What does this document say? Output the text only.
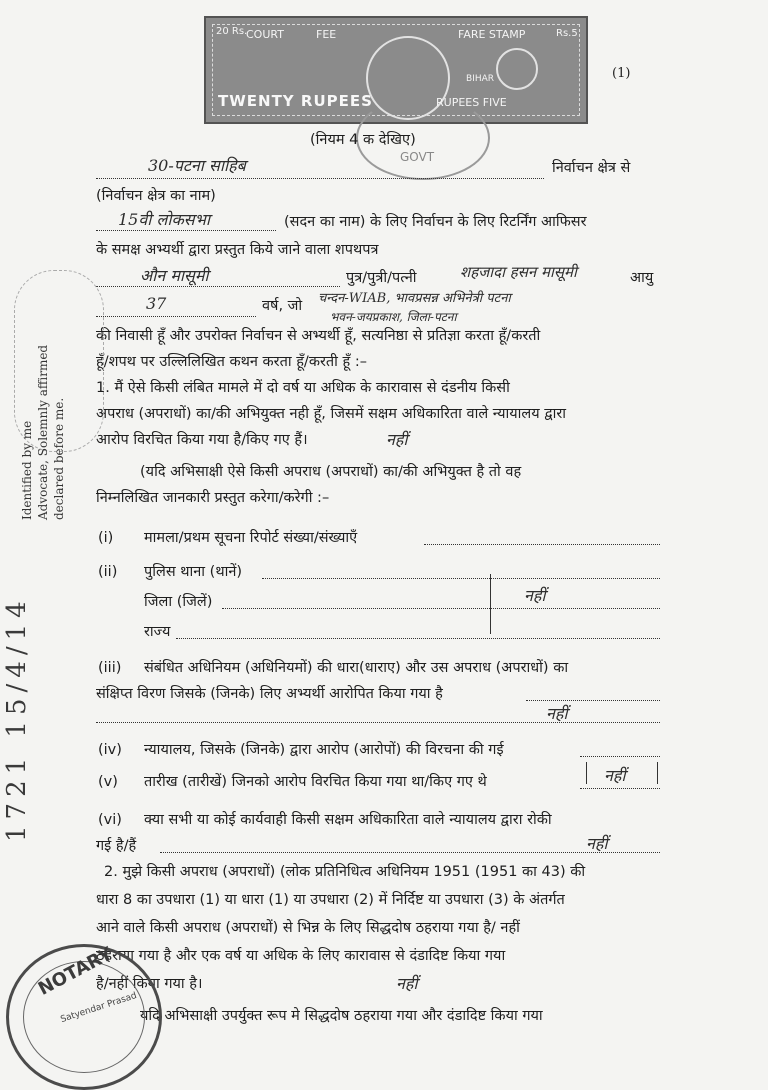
20 Rs.
COURT	FEE	FARE STAMP	Rs.5
BIHAR
TWENTY RUPEES	RUPEES FIVE
GOVT
(1)
(नियम 4 क देखिए)
30-पटना साहिब	निर्वाचन क्षेत्र से
(निर्वाचन क्षेत्र का नाम)
15वी लोकसभा	(सदन का नाम) के लिए निर्वाचन के लिए रिटर्निंग आफिसर
के समक्ष अभ्यर्थी द्वारा प्रस्तुत किये जाने वाला शपथपत्र
औन मासूमी	पुत्र/पुत्री/पत्नी	शहजादा हसन मासूमी	आयु
37	वर्ष, जो चन्दन-WIAB, भावप्रसन्न अभिनेत्री पटना
भवन-जयप्रकाश, जिला-पटना
की निवासी हूँ और उपरोक्त निर्वाचन से अभ्यर्थी हूँ, सत्यनिष्ठा से प्रतिज्ञा करता हूँ/करती
हूँ/शपथ पर उल्लिलिखित कथन करता हूँ/करती हूँ :–
1. मैं ऐसे किसी लंबित मामले में दो वर्ष या अधिक के कारावास से दंडनीय किसी
अपराध (अपराधों) का/की अभियुक्त नही हूँ, जिसमें सक्षम अधिकारिता वाले न्यायालय द्वारा
आरोप विरचित किया गया है/किए गए हैं।	नहीं
(यदि अभिसाक्षी ऐसे किसी अपराध (अपराधों) का/की अभियुक्त है तो वह
निम्नलिखित जानकारी प्रस्तुत करेगा/करेगी :–
(i) मामला/प्रथम सूचना रिपोर्ट संख्या/संख्याएँ
(ii) पुलिस थाना (थानें)
जिला (जिलें)
राज्य
नहीं
(iii) संबंधित अधिनियम (अधिनियमों) की धारा(धाराए) और उस अपराध (अपराधों) का
संक्षिप्त विरण जिसके (जिनके) लिए अभ्यर्थी आरोपित किया गया है
नहीं
(iv) न्यायालय, जिसके (जिनके) द्वारा आरोप (आरोपों) की विरचना की गई
(v) तारीख (तारीखें) जिनको आरोप विरचित किया गया था/किए गए थे	नहीं
(vi) क्या सभी या कोई कार्यवाही किसी सक्षम अधिकारिता वाले न्यायालय द्वारा रोकी
गई है/हैं	नहीं
2. मुझे किसी अपराध (अपराधों) (लोक प्रतिनिधित्व अधिनियम 1951 (1951 का 43) की
धारा 8 का उपधारा (1) या धारा (1) या उपधारा (2) में निर्दिष्ट या उपधारा (3) के अंतर्गत
आने वाले किसी अपराध (अपराधों) से भिन्न के लिए सिद्धदोष ठहराया गया है/ नहीं
ठहराया गया है और एक वर्ष या अधिक के लिए कारावास से दंडादिष्ट किया गया
है/नहीं किया गया है।	नहीं
यदि अभिसाक्षी उपर्युक्त रूप मे सिद्धदोष ठहराया गया और दंडादिष्ट किया गया
Identified by me Advocate, Solemnly affirmed declared before me.
1721 15/4/14
NOTARY
Satyendar Prasad
